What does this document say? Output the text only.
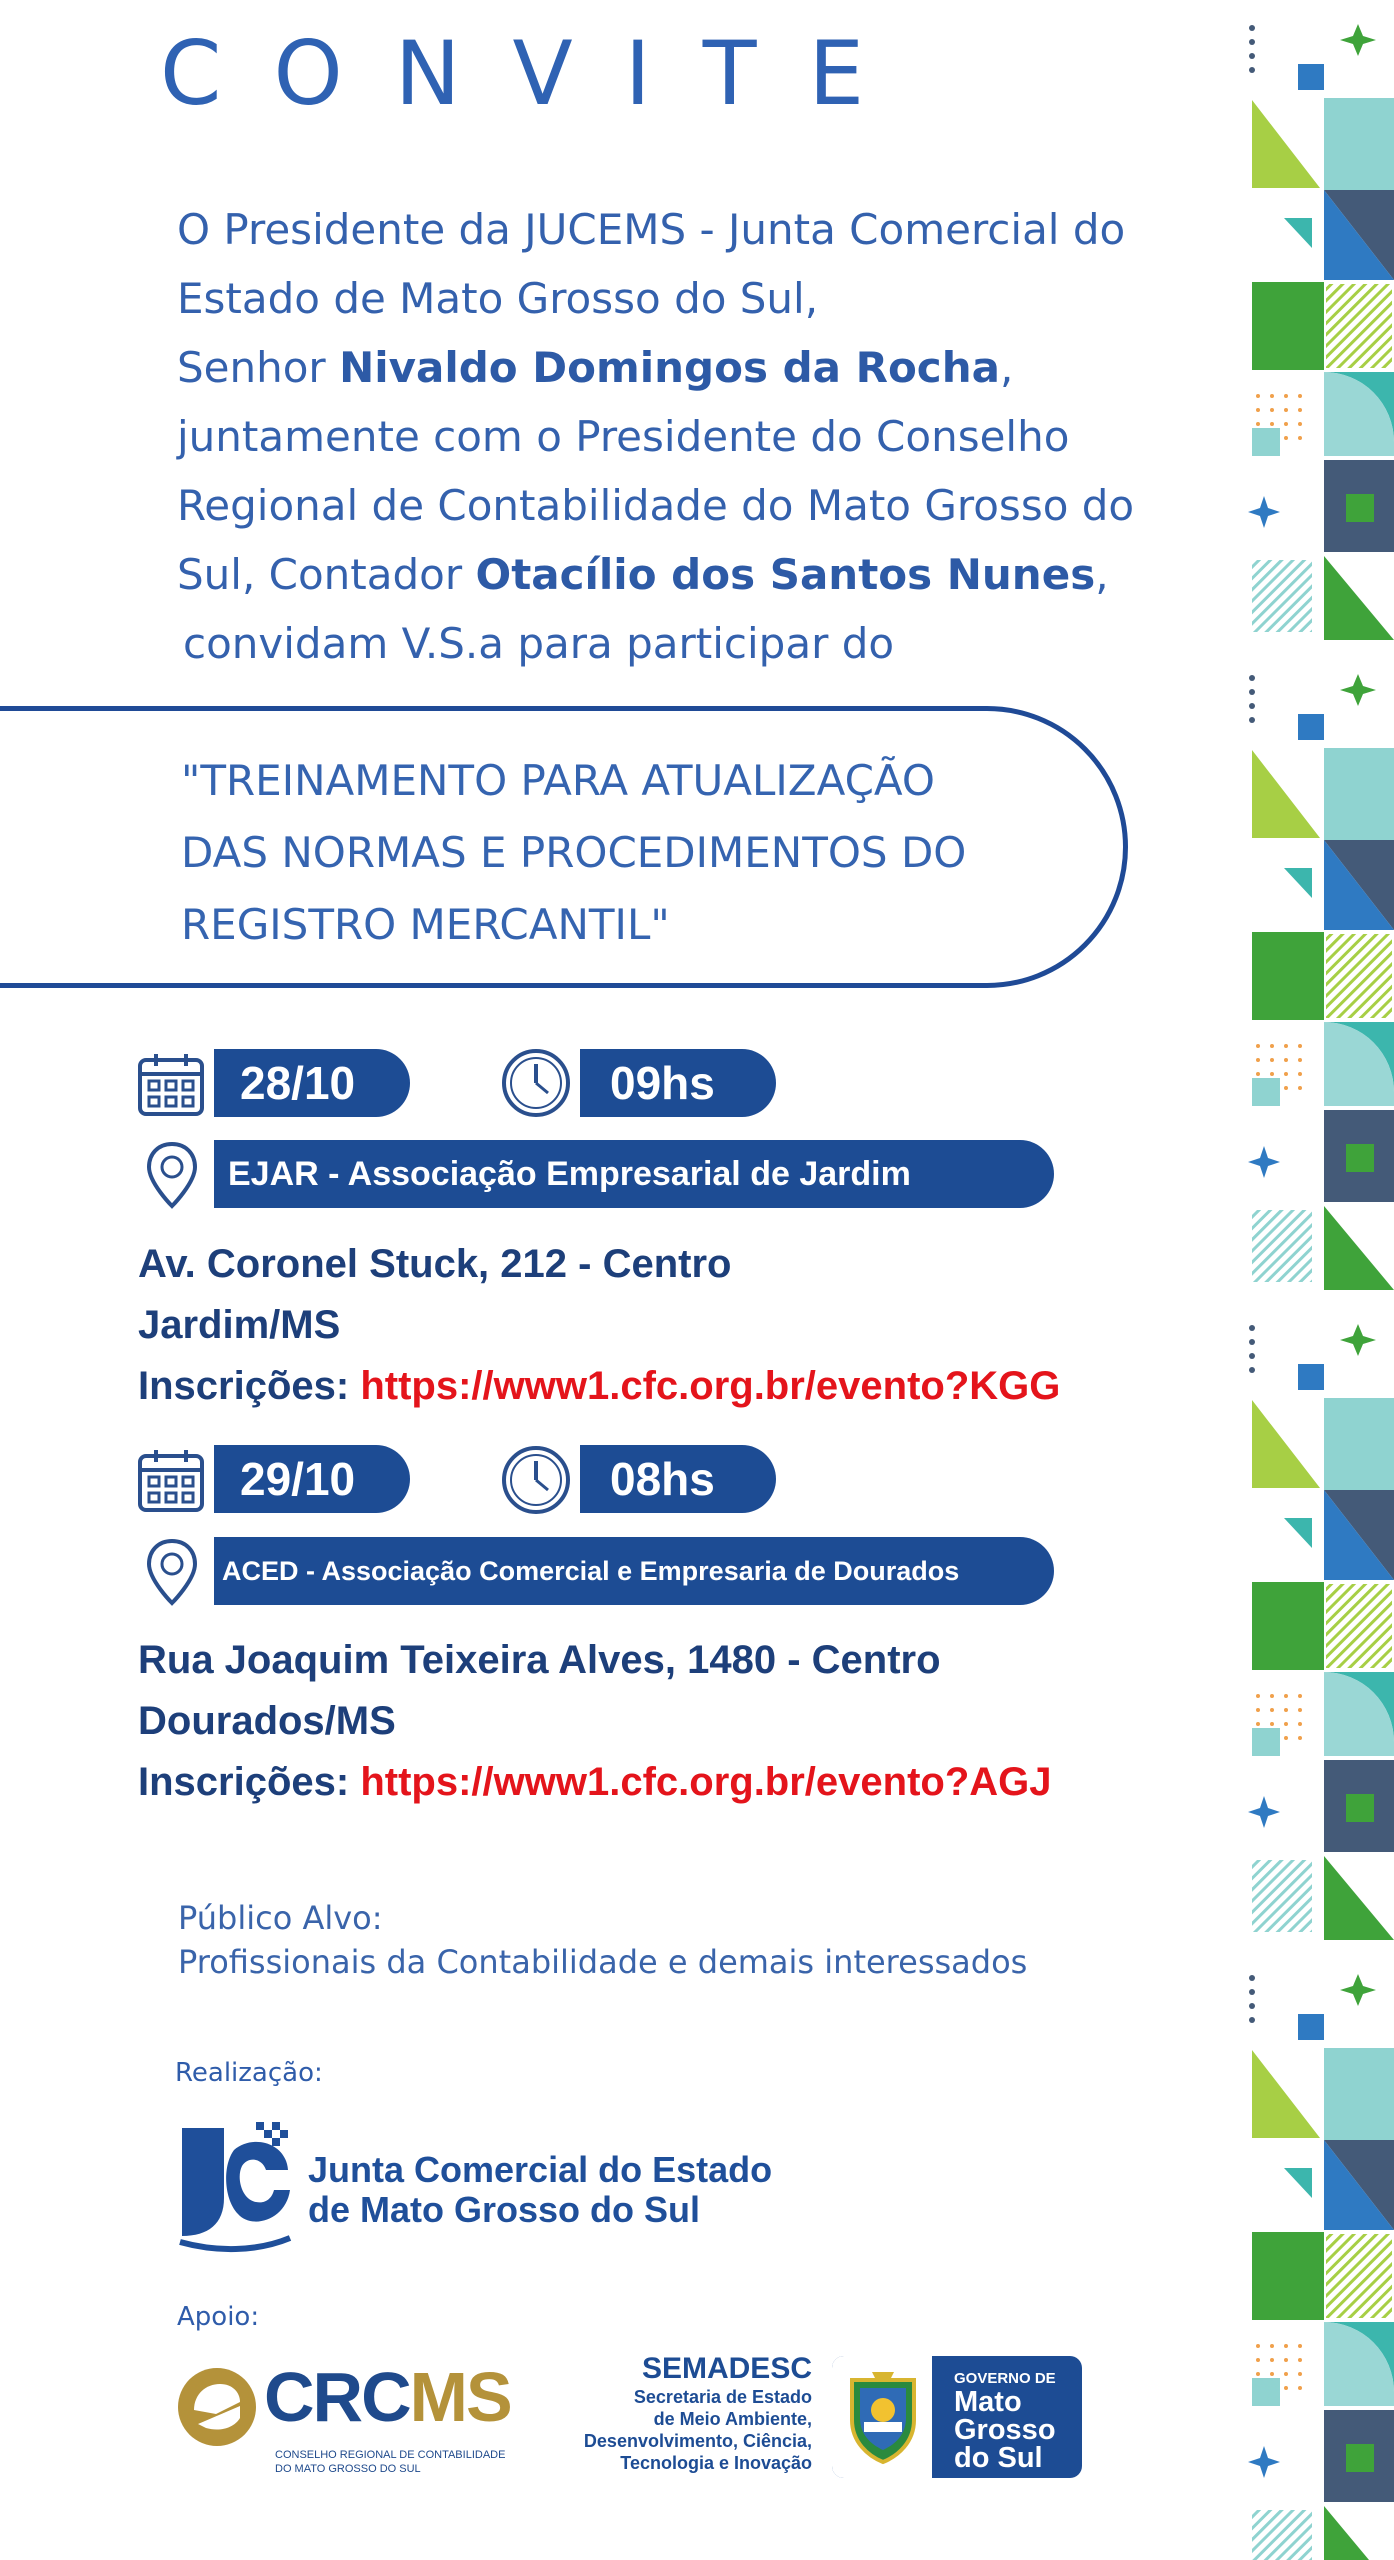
CONVITE
O Presidente da JUCEMS - Junta Comercial do
Estado de Mato Grosso do Sul,
Senhor Nivaldo Domingos da Rocha,
juntamente com o Presidente do Conselho
Regional de Contabilidade do Mato Grosso do
Sul, Contador Otacílio dos Santos Nunes,
convidam V.S.a para participar do
"TREINAMENTO PARA ATUALIZAÇÃO
DAS NORMAS E PROCEDIMENTOS DO
REGISTRO MERCANTIL"
28/10	09hs
EJAR - Associação Empresarial de Jardim
Av. Coronel Stuck, 212 - Centro
Jardim/MS
Inscrições: https://www1.cfc.org.br/evento?KGG
29/10	08hs
ACED - Associação Comercial e Empresaria de Dourados
Rua Joaquim Teixeira Alves, 1480 - Centro
Dourados/MS
Inscrições: https://www1.cfc.org.br/evento?AGJ
Público Alvo:
Profissionais da Contabilidade e demais interessados
Realização:
Junta Comercial do Estado
de Mato Grosso do Sul
Apoio:
CRCMS
CONSELHO REGIONAL DE CONTABILIDADE
DO MATO GROSSO DO SUL
SEMADESC
Secretaria de Estado
de Meio Ambiente,
Desenvolvimento, Ciência,
Tecnologia e Inovação
GOVERNO DE
Mato
Grosso
do Sul
